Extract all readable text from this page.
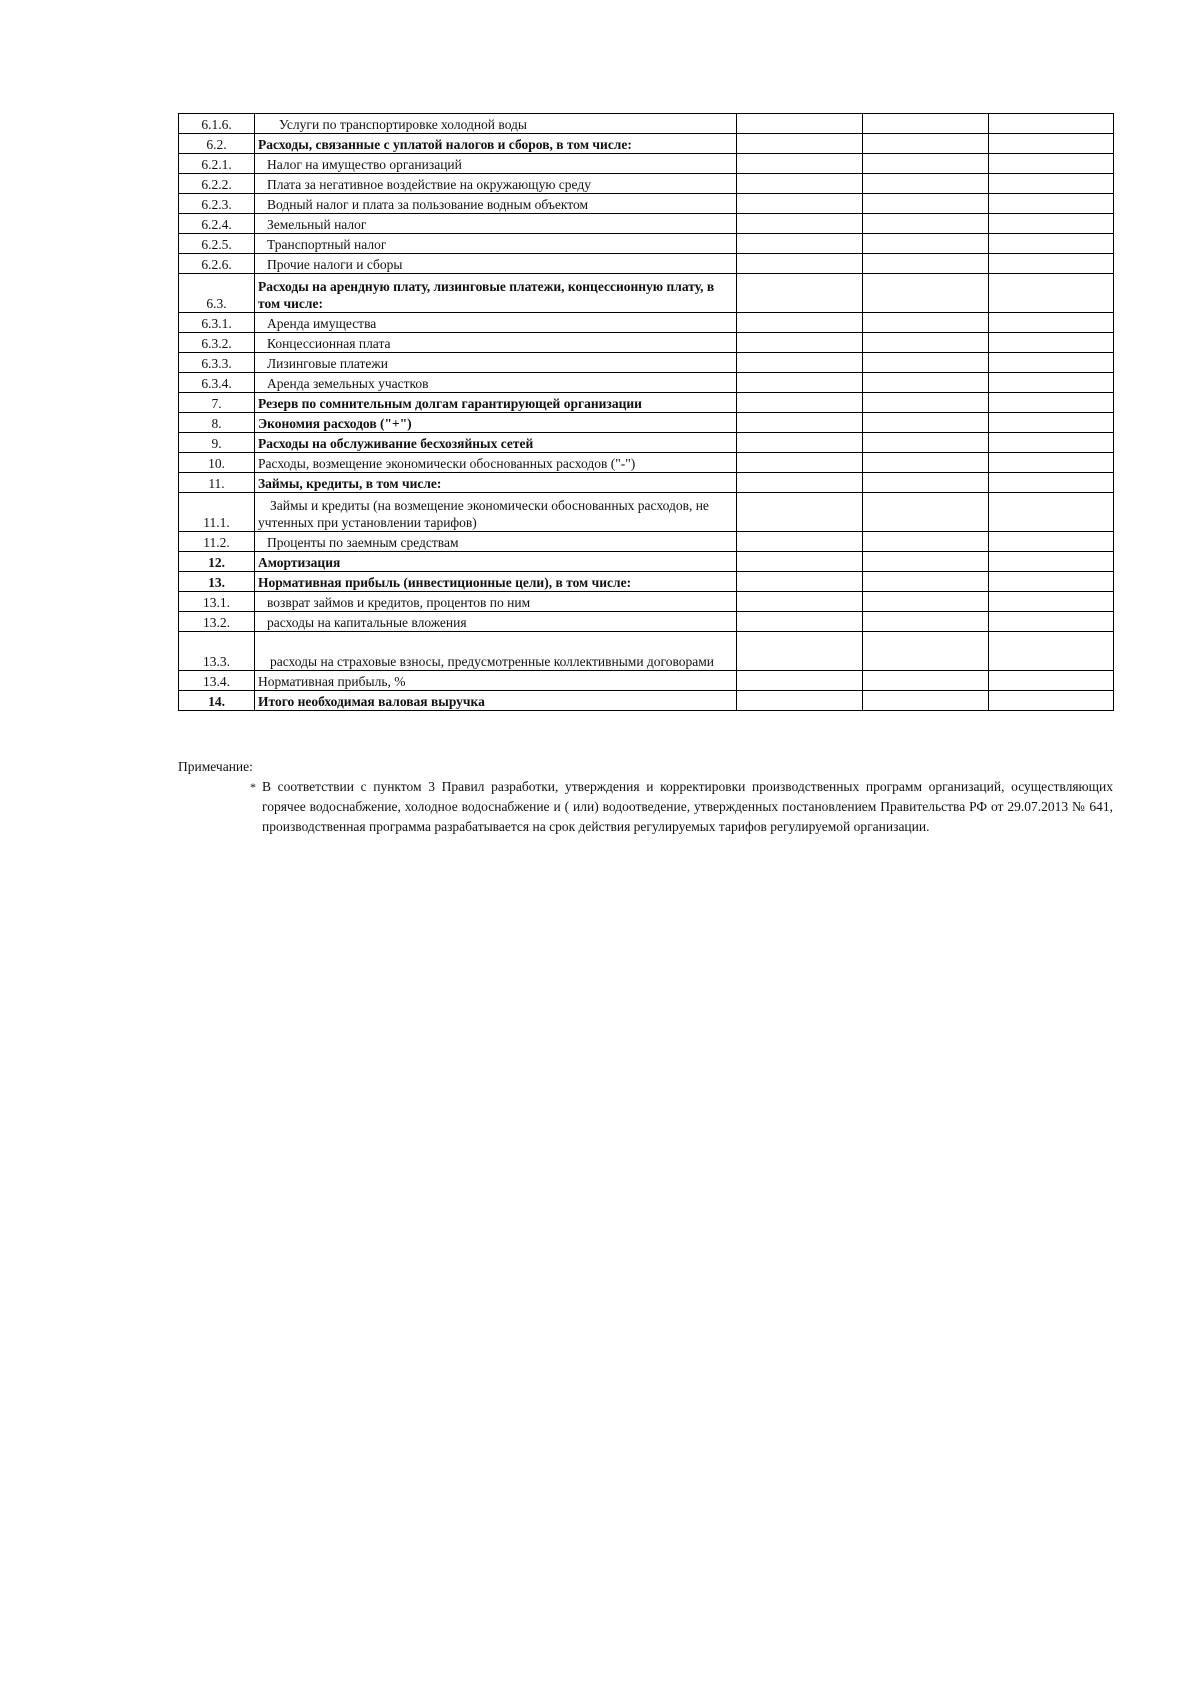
6.1.6.	Услуги по транспортировке холодной воды			
6.2.	Расходы, связанные с уплатой налогов и сборов, в том числе:			
6.2.1.	Налог на имущество организаций			
6.2.2.	Плата за негативное воздействие на окружающую среду			
6.2.3.	Водный налог и плата за пользование водным объектом			
6.2.4.	Земельный налог			
6.2.5.	Транспортный налог			
6.2.6.	Прочие налоги и сборы			
6.3.	Расходы на арендную плату, лизинговые платежи, концессионную плату, в том числе:			
6.3.1.	Аренда имущества			
6.3.2.	Концессионная плата			
6.3.3.	Лизинговые платежи			
6.3.4.	Аренда земельных участков			
7.	Резерв по сомнительным долгам гарантирующей организации			
8.	Экономия расходов ("+")			
9.	Расходы на обслуживание бесхозяйных сетей			
10.	Расходы, возмещение экономически обоснованных расходов ("-")			
11.	Займы, кредиты, в том числе:			
11.1.	Займы и кредиты (на возмещение экономически обоснованных расходов, не учтенных при установлении тарифов)			
11.2.	Проценты по заемным средствам			
12.	Амортизация			
13.	Нормативная прибыль (инвестиционные цели), в том числе:			
13.1.	возврат займов и кредитов, процентов по ним			
13.2.	расходы на капитальные вложения			
13.3.	расходы на страховые взносы, предусмотренные коллективными договорами			
13.4.	Нормативная прибыль, %			
14.	Итого необходимая валовая выручка			
Примечание:
* В соответствии с пунктом 3 Правил разработки, утверждения и корректировки производственных программ организаций, осуществляющих горячее водоснабжение, холодное водоснабжение и ( или) водоотведение, утвержденных постановлением Правительства РФ от 29.07.2013 № 641, производственная программа разрабатывается на срок действия регулируемых тарифов регулируемой организации.
